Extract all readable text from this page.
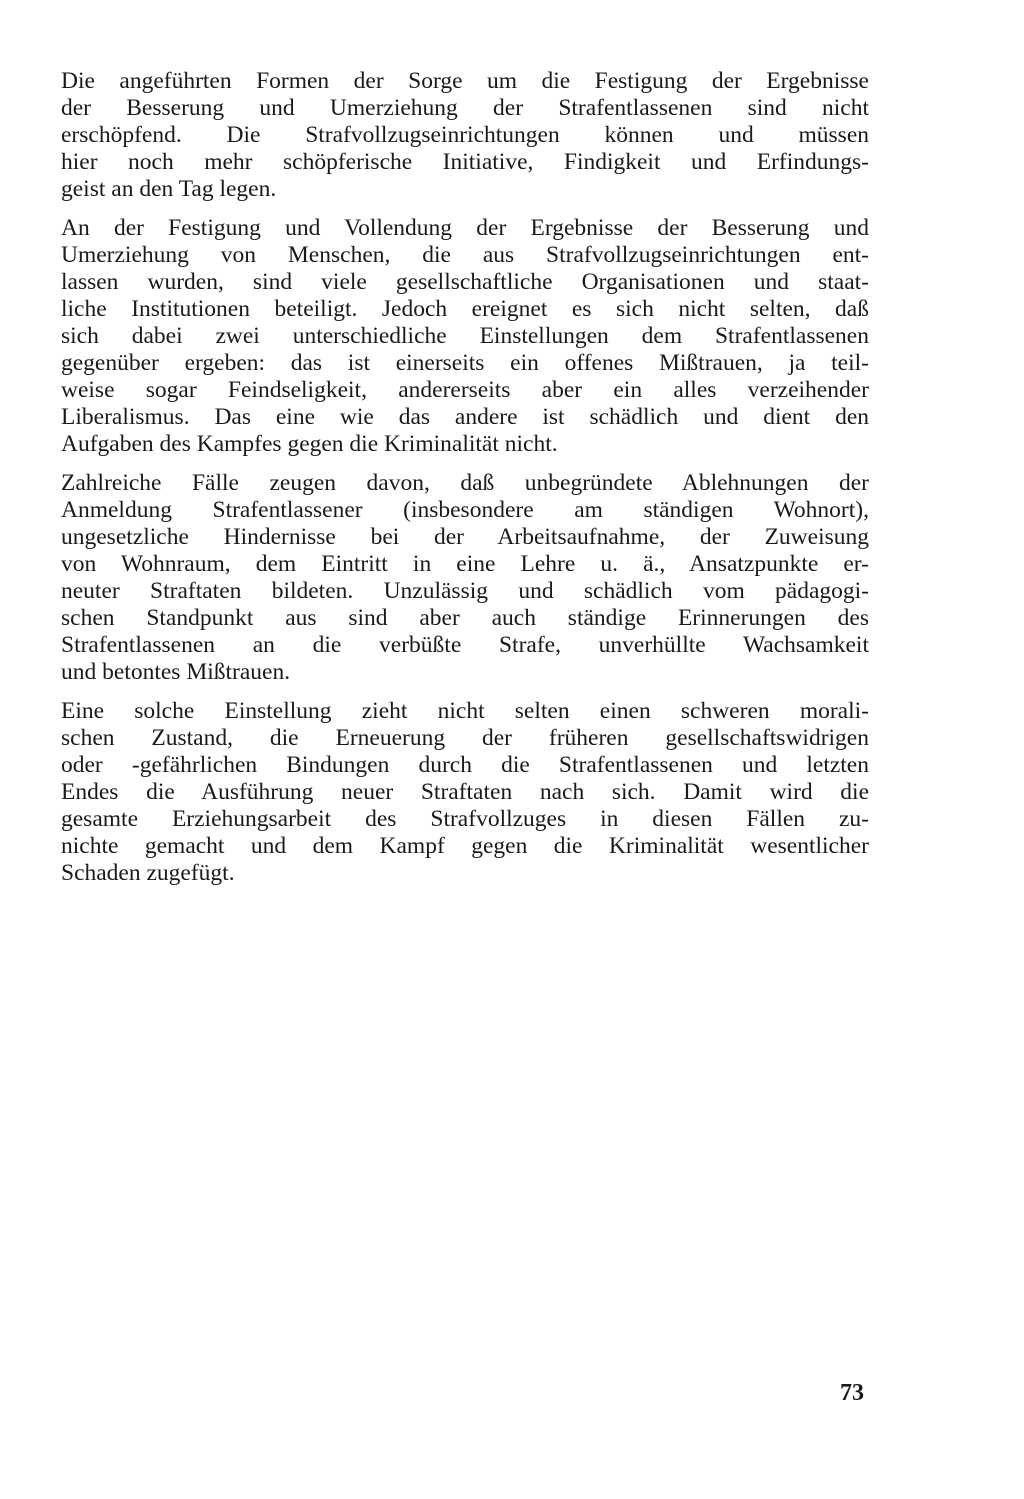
Die angeführten Formen der Sorge um die Festigung der Ergebnisse
der Besserung und Umerziehung der Strafentlassenen sind nicht
erschöpfend. Die Strafvollzugseinrichtungen können und müssen
hier noch mehr schöpferische Initiative, Findigkeit und Erfindungs-
geist an den Tag legen.

An der Festigung und Vollendung der Ergebnisse der Besserung und
Umerziehung von Menschen, die aus Strafvollzugseinrichtungen ent-
lassen wurden, sind viele gesellschaftliche Organisationen und staat-
liche Institutionen beteiligt. Jedoch ereignet es sich nicht selten, daß
sich dabei zwei unterschiedliche Einstellungen dem Strafentlassenen
gegenüber ergeben: das ist einerseits ein offenes Mißtrauen, ja teil-
weise sogar Feindseligkeit, andererseits aber ein alles verzeihender
Liberalismus. Das eine wie das andere ist schädlich und dient den
Aufgaben des Kampfes gegen die Kriminalität nicht.

Zahlreiche Fälle zeugen davon, daß unbegründete Ablehnungen der
Anmeldung Strafentlassener (insbesondere am ständigen Wohnort),
ungesetzliche Hindernisse bei der Arbeitsaufnahme, der Zuweisung
von Wohnraum, dem Eintritt in eine Lehre u. ä., Ansatzpunkte er-
neuter Straftaten bildeten. Unzulässig und schädlich vom pädagogi-
schen Standpunkt aus sind aber auch ständige Erinnerungen des
Strafentlassenen an die verbüßte Strafe, unverhüllte Wachsamkeit
und betontes Mißtrauen.

Eine solche Einstellung zieht nicht selten einen schweren morali-
schen Zustand, die Erneuerung der früheren gesellschaftswidrigen
oder -gefährlichen Bindungen durch die Strafentlassenen und letzten
Endes die Ausführung neuer Straftaten nach sich. Damit wird die
gesamte Erziehungsarbeit des Strafvollzuges in diesen Fällen zu-
nichte gemacht und dem Kampf gegen die Kriminalität wesentlicher
Schaden zugefügt.

73
